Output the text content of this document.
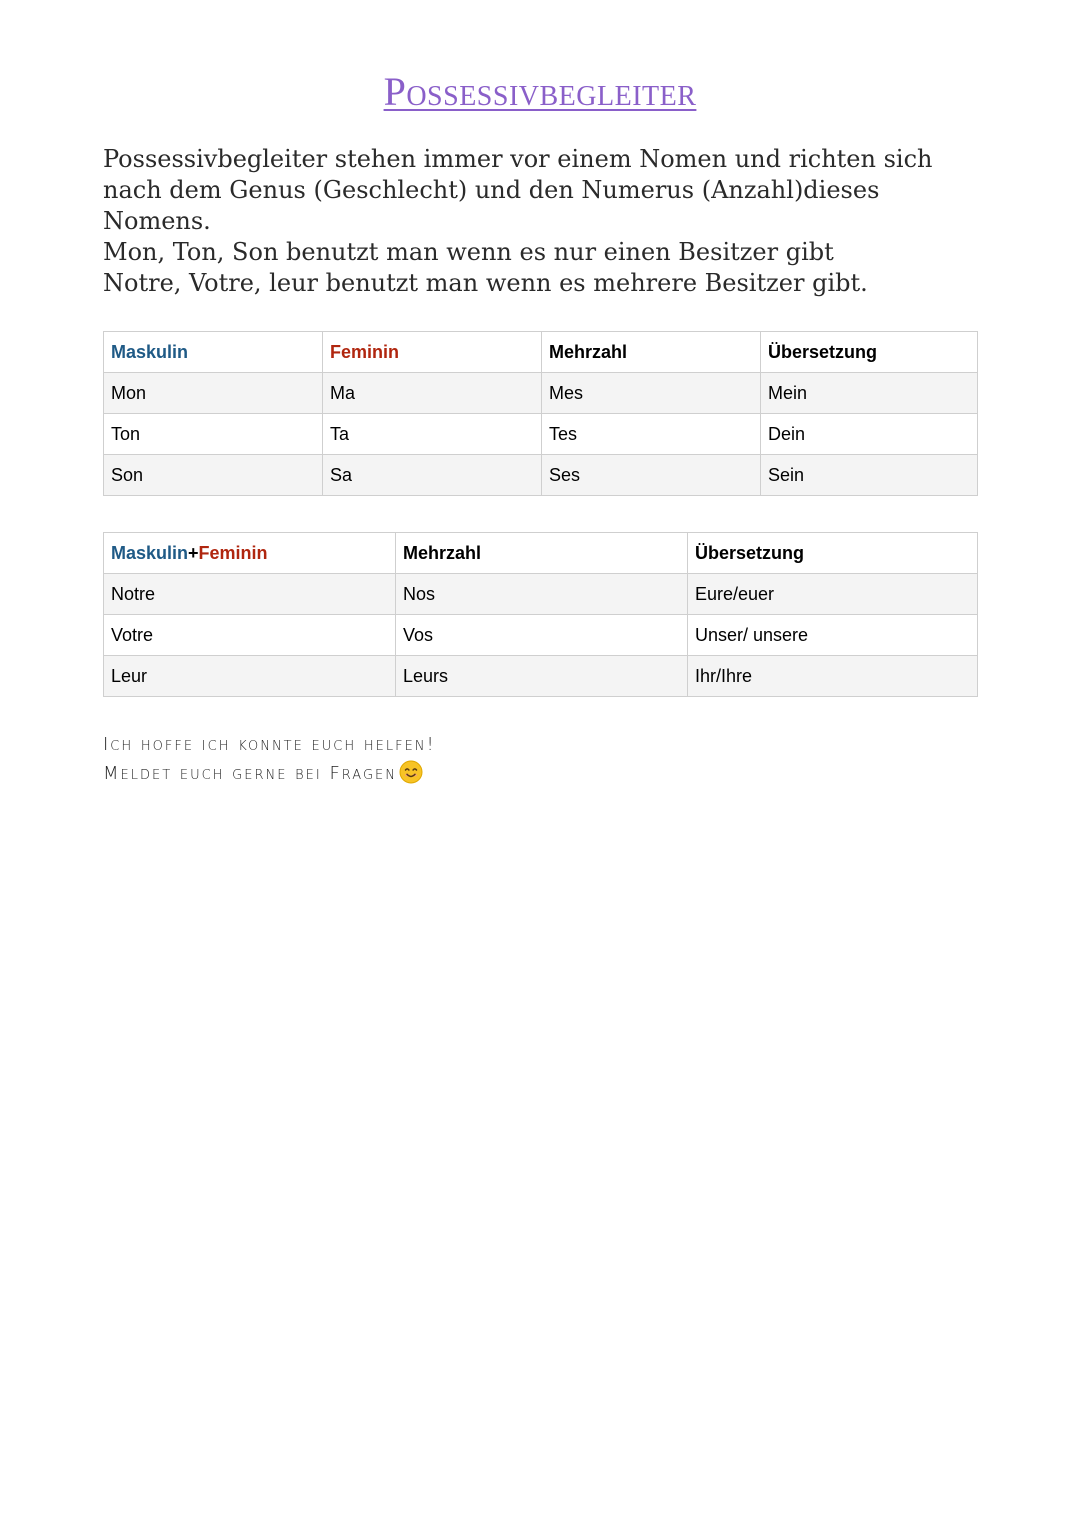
Possessivbegleiter

Possessivbegleiter stehen immer vor einem Nomen und richten sich nach dem Genus (Geschlecht) und den Numerus (Anzahl)dieses Nomens.

Mon, Ton, Son benutzt man wenn es nur einen Besitzer gibt

Notre, Votre, leur benutzt man wenn es mehrere Besitzer gibt.

Maskulin	Feminin	Mehrzahl	Übersetzung
Mon	Ma	Mes	Mein
Ton	Ta	Tes	Dein
Son	Sa	Ses	Sein
Maskulin+Feminin	Mehrzahl	Übersetzung
Notre	Nos	Eure/euer
Votre	Vos	Unser/ unsere
Leur	Leurs	Ihr/Ihre

Ich hoffe ich konnte euch helfen!

Meldet euch gerne bei Fragen
